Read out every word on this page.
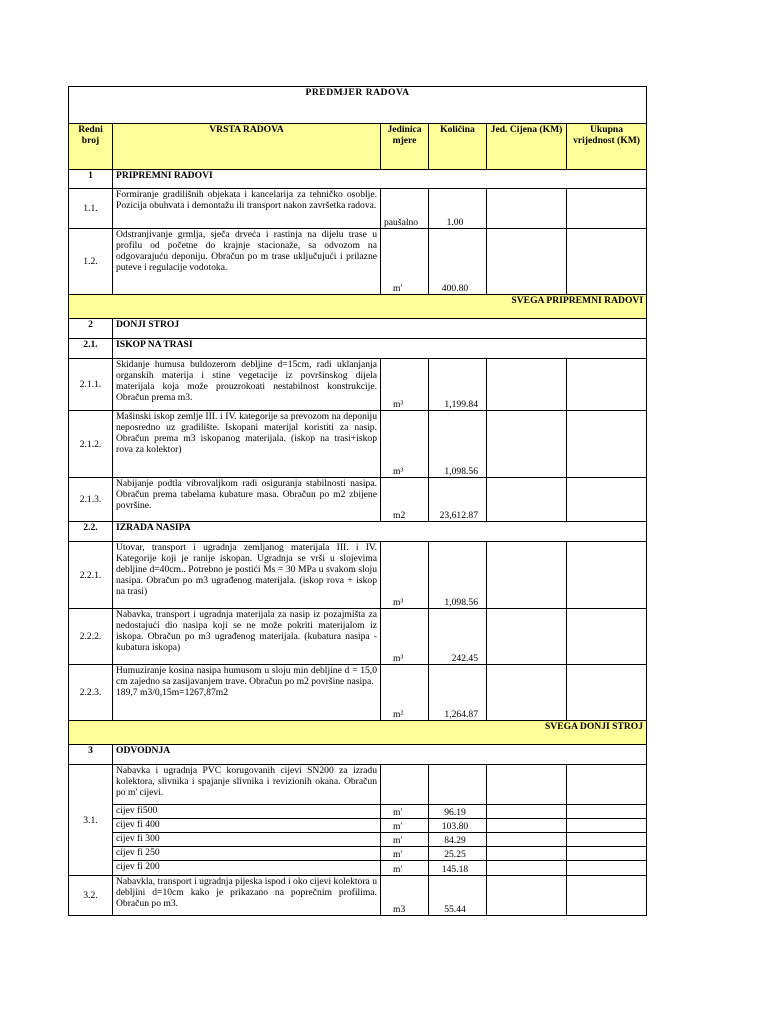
PREDMJER RADOVA					
Redni broj	VRSTA RADOVA	Jedinica mjere	Količina	Jed. Cijena (KM)	Ukupna vrijednost (KM)
1	PRIPREMNI RADOVI				
1.1.	Formiranje gradilišnih objekata i kancelarija za tehničko osoblje. Pozicija obuhvata i demontažu ili transport nakon završetka radova.	paušalno	1.00		
1.2.	Odstranjivanje grmlja, sječa drveća i rastinja na dijelu trase u profilu od početne do krajnje stacionaže, sa odvozom na odgovarajuću deponiju. Obračun po m trase uključujući i prilazne puteve i regulacije vodotoka.	m'	400.80		
SVEGA PRIPREMNI RADOVI					
2	DONJI STROJ				
2.1.	ISKOP NA TRASI				
2.1.1.	Skidanje humusa buldozerom debljine d=15cm, radi uklanjanja organskih materija i stine vegetacije iz površinskog dijela materijala koja može prouzrokoati nestabilnost konstrukcije. Obračun prema m3.	m³	1,199.84		
2.1.2.	Mašinski iskop zemlje III. i IV. kategorije sa prevozom na deponiju neposredno uz gradilište. Iskopani materijal koristiti za nasip. Obračun prema m3 iskopanog materijala. (iskop na trasi+iskop rova za kolektor)	m³	1,098.56		
2.1.3.	Nabijanje podtla vibrovaljkom radi osiguranja stabilnosti nasipa. Obračun prema tabelama kubature masa. Obračun po m2 zbijene površine.	m2	23,612.87		
2.2.	IZRADA NASIPA				
2.2.1.	Utovar, transport i ugradnja zemljanog materijala III. i IV. Kategorije koji je ranije iskopan. Ugradnja se vrši u slojevima debljine d=40cm.. Potrebno je postići Ms = 30 MPa u svakom sloju nasipa. Obračun po m3 ugrađenog materijala. (iskop rova + iskop na trasi)	m³	1,098.56		
2.2.2.	Nabavka, transport i ugradnja materijala za nasip iz pozajmišta za nedostajući dio nasipa koji se ne može pokriti materijalom iz iskopa. Obračun po m3 ugrađenog materijala. (kubatura nasipa - kubatura iskopa)	m³	242.45		
2.2.3.	Humuziranje kosina nasipa humusom u sloju min debljine d = 15,0 cm zajedno sa zasijavanjem trave. Obračun po m2 površine nasipa.
189,7 m3/0,15m=1267,87m2	m²	1,264.87		
SVEGA DONJI STROJ					
3	ODVODNJA				
3.1.	Nabavka i ugradnja PVC korugovanih cijevi SN200 za izradu kolektora, slivnika i spajanje slivnika i revizionih okana. Obračun po m' cijevi.				
	cijev fi500	m'	96.19		
	cijev fi 400	m'	103.80		
	cijev fi 300	m'	84.29		
	cijev fi 250	m'	25.25		
	cijev fi 200	m'	145.18		
3.2.	Nabavkla, transport i ugradnja pijeska ispod i oko cijevi kolektora u debljini d=10cm kako je prikazano na poprečnim profilima. Obračun po m3.	m3	55.44		
